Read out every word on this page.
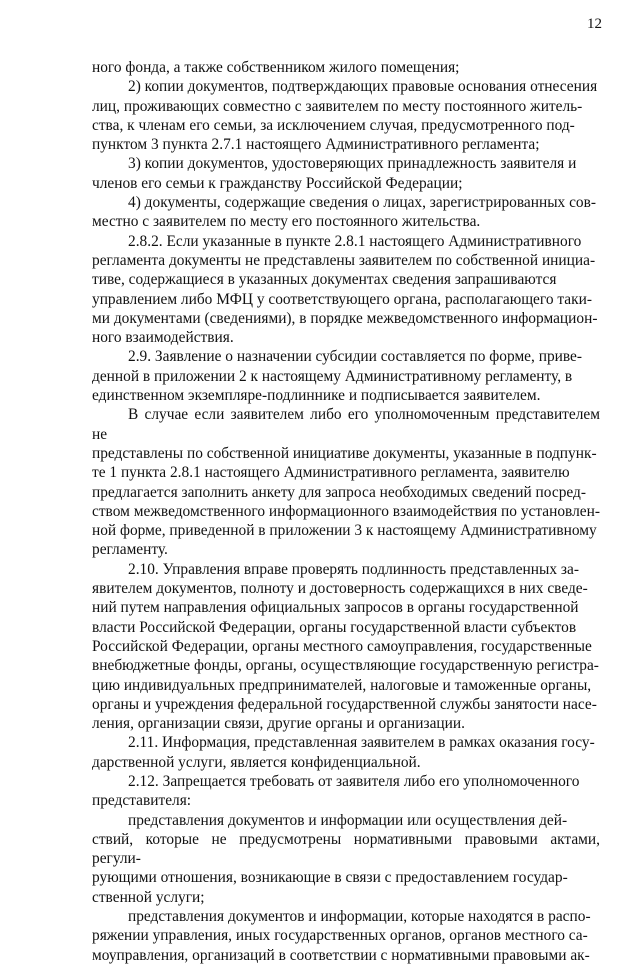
12

ного фонда, а также собственником жилого помещения;

2) копии документов, подтверждающих правовые основания отнесения
лиц, проживающих совместно с заявителем по месту постоянного житель-
ства, к членам его семьи, за исключением случая, предусмотренного под-
пунктом 3 пункта 2.7.1 настоящего Административного регламента;

3) копии документов, удостоверяющих принадлежность заявителя и
членов его семьи к гражданству Российской Федерации;

4) документы, содержащие сведения о лицах, зарегистрированных сов-
местно с заявителем по месту его постоянного жительства.

2.8.2. Если указанные в пункте 2.8.1 настоящего Административного
регламента документы не представлены заявителем по собственной инициа-
тиве, содержащиеся в указанных документах сведения запрашиваются
управлением либо МФЦ у соответствующего органа, располагающего таки-
ми документами (сведениями), в порядке межведомственного информацион-
ного взаимодействия.

2.9. Заявление о назначении субсидии составляется по форме, приве-
денной в приложении 2 к настоящему Административному регламенту, в
единственном экземпляре-подлиннике и подписывается заявителем.

В случае если заявителем либо его уполномоченным представителем не
представлены по собственной инициативе документы, указанные в подпунк-
те 1 пункта 2.8.1 настоящего Административного регламента, заявителю
предлагается заполнить анкету для запроса необходимых сведений посред-
ством межведомственного информационного взаимодействия по установлен-
ной форме, приведенной в приложении 3 к настоящему Административному
регламенту.

2.10. Управления вправе проверять подлинность представленных за-
явителем документов, полноту и достоверность содержащихся в них сведе-
ний путем направления официальных запросов в органы государственной
власти Российской Федерации, органы государственной власти субъектов
Российской Федерации, органы местного самоуправления, государственные
внебюджетные фонды, органы, осуществляющие государственную регистра-
цию индивидуальных предпринимателей, налоговые и таможенные органы,
органы и учреждения федеральной государственной службы занятости насе-
ления, организации связи, другие органы и организации.

2.11. Информация, представленная заявителем в рамках оказания госу-
дарственной услуги, является конфиденциальной.

2.12. Запрещается требовать от заявителя либо его уполномоченного
представителя:

представления документов и информации или осуществления дей-
ствий, которые не предусмотрены нормативными правовыми актами, регули-
рующими отношения, возникающие в связи с предоставлением государ-
ственной услуги;

представления документов и информации, которые находятся в распо-
ряжении управления, иных государственных органов, органов местного са-
моуправления, организаций в соответствии с нормативными правовыми ак-
